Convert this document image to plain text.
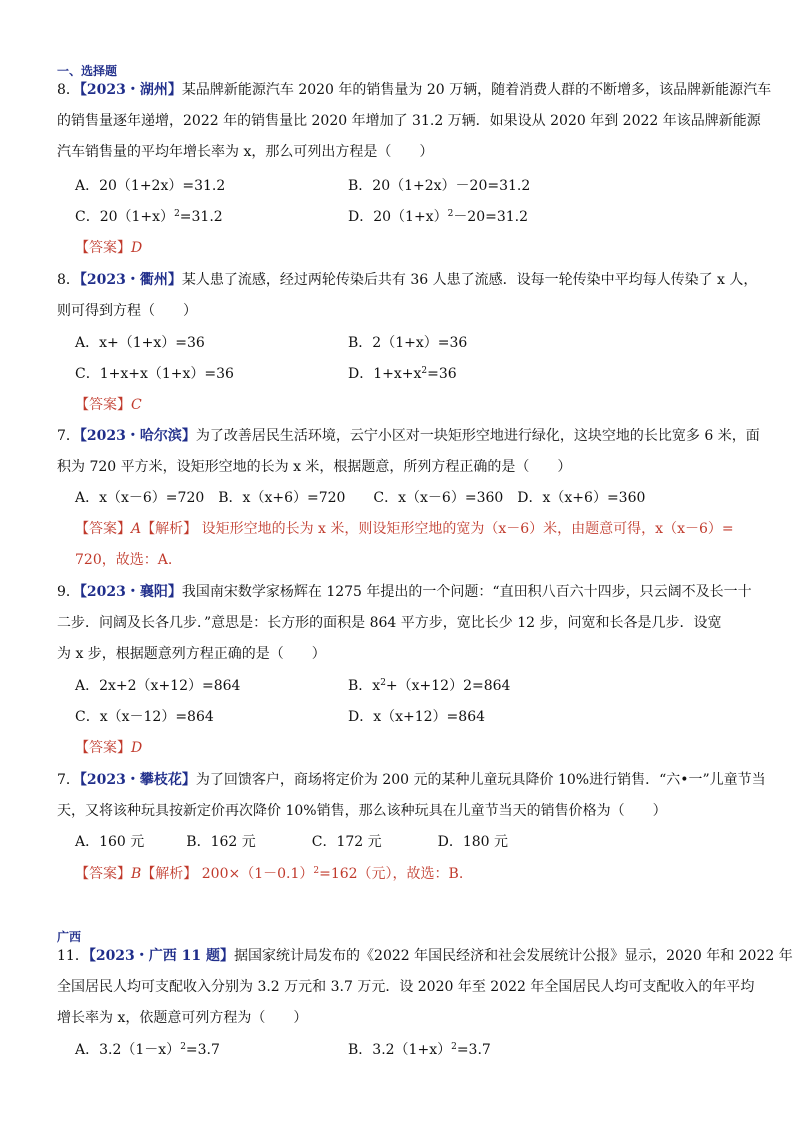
一、选择题
8．【2023・湖州】某品牌新能源汽车 2020 年的销售量为 20 万辆，随着消费人群的不断增多，该品牌新能源汽车
的销售量逐年递增，2022 年的销售量比 2020 年增加了 31.2 万辆．如果设从 2020 年到 2022 年该品牌新能源
汽车销售量的平均年增长率为 x，那么可列出方程是（　　）
A．20（1+2x）=31.2	B．20（1+2x）－20=31.2
C．$20(1+x)^2=31.2$	D．$20(1+x)^2-20=31.2$
【答案】D
8．【2023・衢州】某人患了流感，经过两轮传染后共有 36 人患了流感．设每一轮传染中平均每人传染了 x 人，
则可得到方程（　　）
A．x+（1+x）=36	B．2（1+x）=36
C．1+x+x（1+x）=36	D．$1+x+x^2=36$
【答案】C
7．【2023・哈尔滨】为了改善居民生活环境，云宁小区对一块矩形空地进行绿化，这块空地的长比宽多 6 米，面
积为 720 平方米，设矩形空地的长为 x 米，根据题意，所列方程正确的是（　　）
A．x（x－6）=720　B．x（x+6）=720　　C．x（x－6）=360　D．x（x+6）=360
【答案】A【解析】 设矩形空地的长为 x 米，则设矩形空地的宽为（x－6）米，由题意可得，x（x－6）=
720，故选：A.
9．【2023・襄阳】我国南宋数学家杨辉在 1275 年提出的一个问题：“直田积八百六十四步，只云阔不及长一十
二步．问阔及长各几步．”意思是：长方形的面积是 864 平方步，宽比长少 12 步，问宽和长各是几步．设宽
为 x 步，根据题意列方程正确的是（　　）
A．2x+2（x+12）=864	B．$x^2+(x+12)2=864$
C．x（x－12）=864	D．x（x+12）=864
【答案】D
7．【2023・攀枝花】为了回馈客户，商场将定价为 200 元的某种儿童玩具降价 10%进行销售．“六•一”儿童节当
天，又将该种玩具按新定价再次降价 10%销售，那么该种玩具在儿童节当天的销售价格为（　　）
A．160 元　　　B．162 元　　　　C．172 元　　　　D．180 元
【答案】B【解析】 $200\times(1-0.1)^2=162$（元），故选：B.
广西
11．【2023・广西 11 题】据国家统计局发布的《2022 年国民经济和社会发展统计公报》显示，2020 年和 2022 年
全国居民人均可支配收入分别为 3.2 万元和 3.7 万元．设 2020 年至 2022 年全国居民人均可支配收入的年平均
增长率为 x，依题意可列方程为（　　）
A．$3.2(1-x)^2=3.7$	B．$3.2(1+x)^2=3.7$
